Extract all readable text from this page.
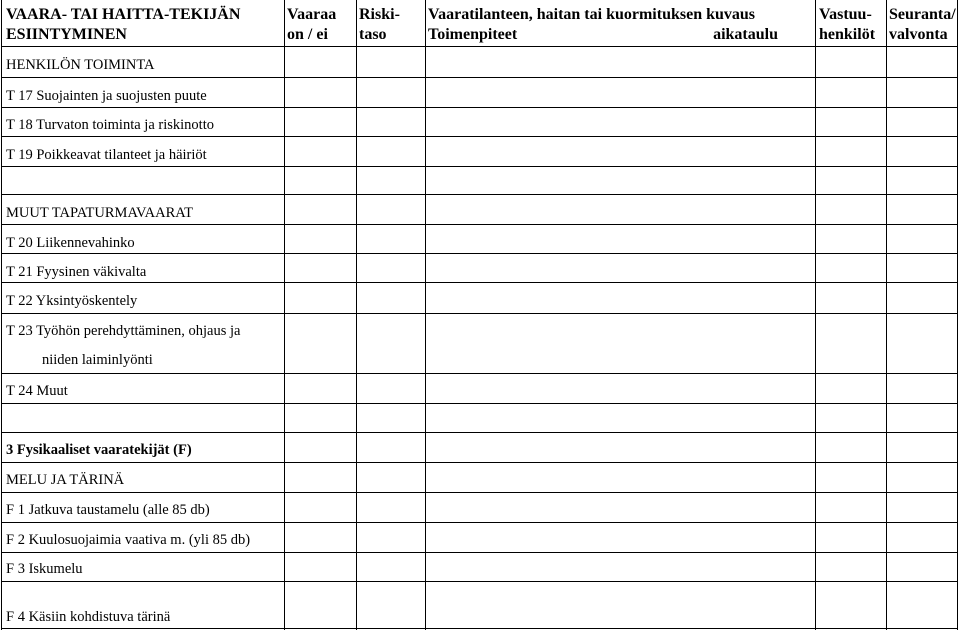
VAARA- TAI HAITTA-TEKIJÄN
ESIINTYMINEN
Vaaraa
on / ei
Riski-
taso
Vaaratilanteen, haitan tai kuormituksen kuvaus
Toimenpiteet	aikataulu
Vastuu-
henkilöt
Seuranta/
valvonta
HENKILÖN TOIMINTA
T 17 Suojainten ja suojusten puute
T 18 Turvaton toiminta ja riskinotto
T 19 Poikkeavat tilanteet ja häiriöt
MUUT TAPATURMAVAARAT
T 20 Liikennevahinko
T 21 Fyysinen väkivalta
T 22 Yksintyöskentely
T 23 Työhön perehdyttäminen, ohjaus ja
niiden laiminlyönti
T 24 Muut
3 Fysikaaliset vaaratekijät (F)
MELU JA TÄRINÄ
F 1 Jatkuva taustamelu (alle 85 db)
F 2 Kuulosuojaimia vaativa m. (yli 85 db)
F 3 Iskumelu
F 4 Käsiin kohdistuva tärinä
